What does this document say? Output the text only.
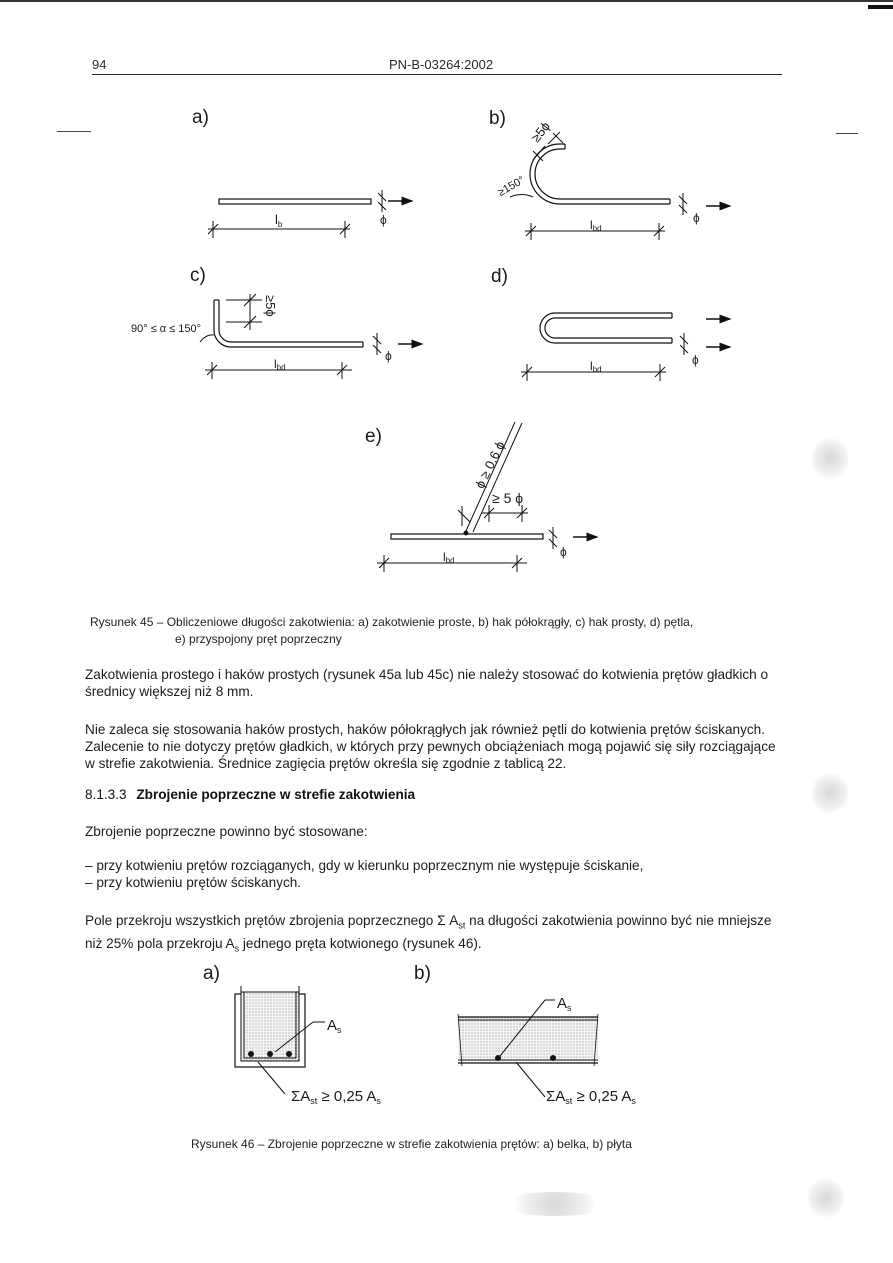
94	PN-B-03264:2002
a)
ϕ
$l_b$
b)
ϕ
lbd
≥5ϕ
≥150°
c)
≥5ϕ
90° ≤ α ≤ 150°
ϕ
lbd
d)
ϕ
lbd
e)
ϕ ≥ 0,6 ϕ
≥ 5 ϕ
ϕ
lbd
Rysunek 45 – Obliczeniowe długości zakotwienia: a) zakotwienie proste, b) hak półokrągły, c) hak prosty, d) pętla,
e) przyspojony pręt poprzeczny
Zakotwienia prostego i haków prostych (rysunek 45a lub 45c) nie należy stosować do kotwienia prętów gładkich o średnicy większej niż 8 mm.
Nie zaleca się stosowania haków prostych, haków półokrągłych jak również pętli do kotwienia prętów ściskanych. Zalecenie to nie dotyczy prętów gładkich, w których przy pewnych obciążeniach mogą pojawić się siły rozciągające w strefie zakotwienia. Średnice zagięcia prętów określa się zgodnie z tablicą 22.
8.1.3.3 Zbrojenie poprzeczne w strefie zakotwienia
Zbrojenie poprzeczne powinno być stosowane:
– przy kotwieniu prętów rozciąganych, gdy w kierunku poprzecznym nie występuje ściskanie,
– przy kotwieniu prętów ściskanych.
Pole przekroju wszystkich prętów zbrojenia poprzecznego Σ $A_{st}$ na długości zakotwienia powinno być nie mniejsze niż 25% pola przekroju $A_s$ jednego pręta kotwionego (rysunek 46).
a)
$A_s$
$\Sigma A_{st} \ge 0,25$ $A_s$
b)
$A_s$
$\Sigma A_{st} \ge 0,25$ $A_s$
Rysunek 46 – Zbrojenie poprzeczne w strefie zakotwienia prętów: a) belka, b) płyta
